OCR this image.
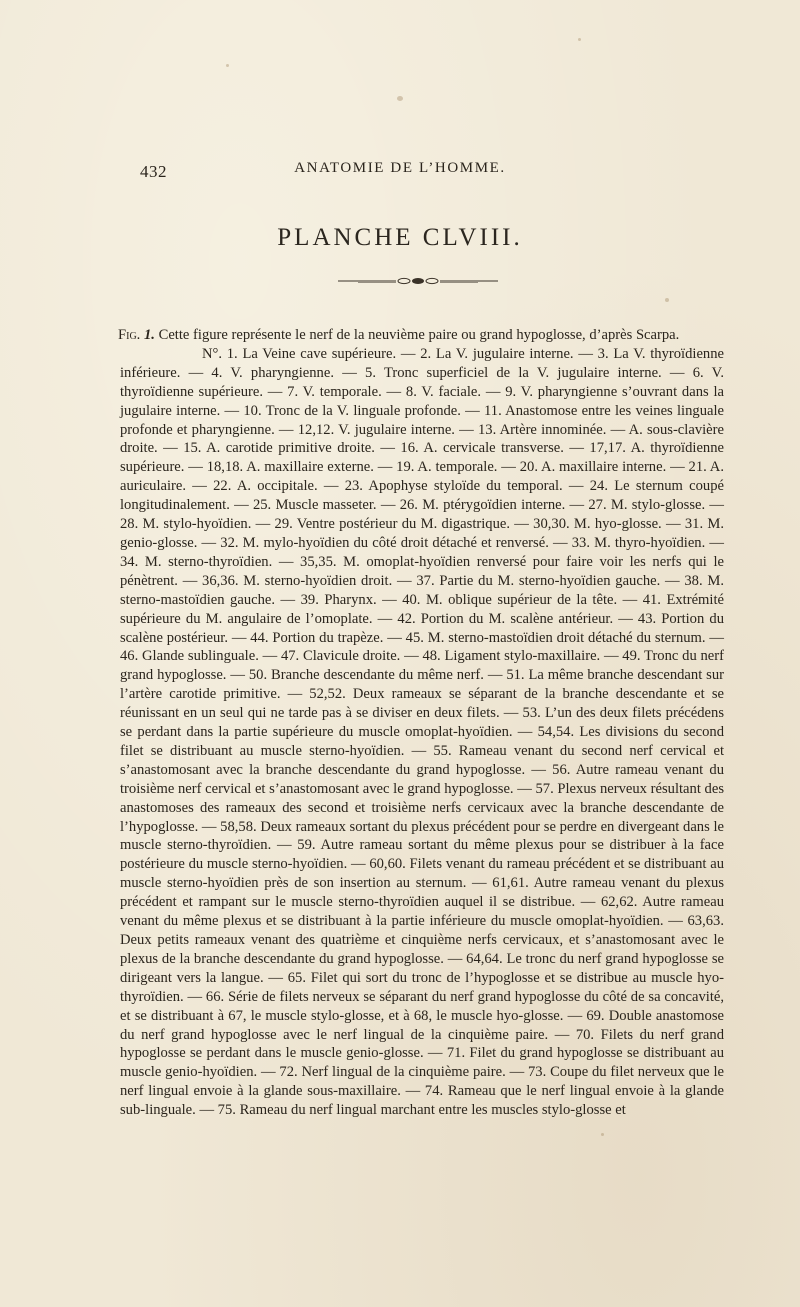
432	ANATOMIE DE L’HOMME.
PLANCHE CLVIII.

Fig. 1. Cette figure représente le nerf de la neuvième paire ou grand hypoglosse, d’après Scarpa.

N°. 1. La Veine cave supérieure. — 2. La V. jugulaire interne. — 3. La V. thyroïdienne inférieure. — 4. V. pharyngienne. — 5. Tronc superficiel de la V. jugulaire interne. — 6. V. thyroïdienne supérieure. — 7. V. temporale. — 8. V. faciale. — 9. V. pharyngienne s’ouvrant dans la jugulaire interne. — 10. Tronc de la V. linguale profonde. — 11. Anastomose entre les veines linguale profonde et pharyngienne. — 12,12. V. jugulaire interne. — 13. Artère innominée. — A. sous-clavière droite. — 15. A. carotide primitive droite. — 16. A. cervicale transverse. — 17,17. A. thyroïdienne supérieure. — 18,18. A. maxillaire externe. — 19. A. temporale. — 20. A. maxillaire interne. — 21. A. auriculaire. — 22. A. occipitale. — 23. Apophyse styloïde du temporal. — 24. Le sternum coupé longitudinalement. — 25. Muscle masseter. — 26. M. ptérygoïdien interne. — 27. M. stylo-glosse. — 28. M. stylo-hyoïdien. — 29. Ventre postérieur du M. digastrique. — 30,30. M. hyo-glosse. — 31. M. genio-glosse. — 32. M. mylo-hyoïdien du côté droit détaché et renversé. — 33. M. thyro-hyoïdien. — 34. M. sterno-thyroïdien. — 35,35. M. omoplat-hyoïdien renversé pour faire voir les nerfs qui le pénètrent. — 36,36. M. sterno-hyoïdien droit. — 37. Partie du M. sterno-hyoïdien gauche. — 38. M. sterno-mastoïdien gauche. — 39. Pharynx. — 40. M. oblique supérieur de la tête. — 41. Extrémité supérieure du M. angulaire de l’omoplate. — 42. Portion du M. scalène antérieur. — 43. Portion du scalène postérieur. — 44. Portion du trapèze. — 45. M. sterno-mastoïdien droit détaché du sternum. — 46. Glande sublinguale. — 47. Clavicule droite. — 48. Ligament stylo-maxillaire. — 49. Tronc du nerf grand hypoglosse. — 50. Branche descendante du même nerf. — 51. La même branche descendant sur l’artère carotide primitive. — 52,52. Deux rameaux se séparant de la branche descendante et se réunissant en un seul qui ne tarde pas à se diviser en deux filets. — 53. L’un des deux filets précédens se perdant dans la partie supérieure du muscle omoplat-hyoïdien. — 54,54. Les divisions du second filet se distribuant au muscle sterno-hyoïdien. — 55. Rameau venant du second nerf cervical et s’anastomosant avec la branche descendante du grand hypoglosse. — 56. Autre rameau venant du troisième nerf cervical et s’anastomosant avec le grand hypoglosse. — 57. Plexus nerveux résultant des anastomoses des rameaux des second et troisième nerfs cervicaux avec la branche descendante de l’hypoglosse. — 58,58. Deux rameaux sortant du plexus précédent pour se perdre en divergeant dans le muscle sterno-thyroïdien. — 59. Autre rameau sortant du même plexus pour se distribuer à la face postérieure du muscle sterno-hyoïdien. — 60,60. Filets venant du rameau précédent et se distribuant au muscle sterno-hyoïdien près de son insertion au sternum. — 61,61. Autre rameau venant du plexus précédent et rampant sur le muscle sterno-thyroïdien auquel il se distribue. — 62,62. Autre rameau venant du même plexus et se distribuant à la partie inférieure du muscle omoplat-hyoïdien. — 63,63. Deux petits rameaux venant des quatrième et cinquième nerfs cervicaux, et s’anastomosant avec le plexus de la branche descendante du grand hypoglosse. — 64,64. Le tronc du nerf grand hypoglosse se dirigeant vers la langue. — 65. Filet qui sort du tronc de l’hypoglosse et se distribue au muscle hyo-thyroïdien. — 66. Série de filets nerveux se séparant du nerf grand hypoglosse du côté de sa concavité, et se distribuant à 67, le muscle stylo-glosse, et à 68, le muscle hyo-glosse. — 69. Double anastomose du nerf grand hypoglosse avec le nerf lingual de la cinquième paire. — 70. Filets du nerf grand hypoglosse se perdant dans le muscle genio-glosse. — 71. Filet du grand hypoglosse se distribuant au muscle genio-hyoïdien. — 72. Nerf lingual de la cinquième paire. — 73. Coupe du filet nerveux que le nerf lingual envoie à la glande sous-maxillaire. — 74. Rameau que le nerf lingual envoie à la glande sub-linguale. — 75. Rameau du nerf lingual marchant entre les muscles stylo-glosse et
